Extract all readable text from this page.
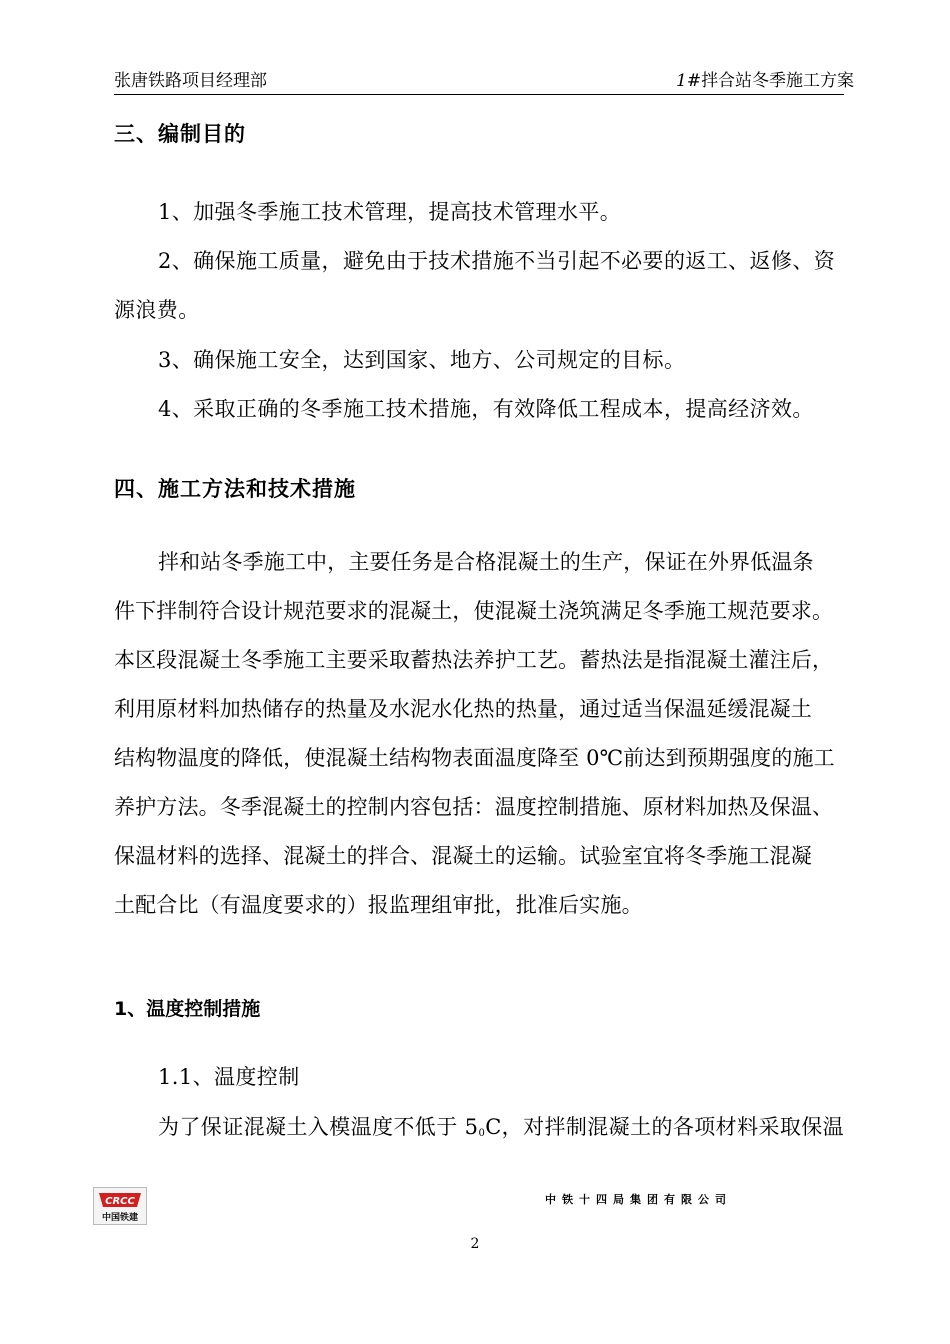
张唐铁路项目经理部	1#拌合站冬季施工方案
三、编制目的
1、加强冬季施工技术管理，提高技术管理水平。
2、确保施工质量，避免由于技术措施不当引起不必要的返工、返修、资
源浪费。
3、确保施工安全，达到国家、地方、公司规定的目标。
4、采取正确的冬季施工技术措施，有效降低工程成本，提高经济效。
四、施工方法和技术措施
拌和站冬季施工中，主要任务是合格混凝土的生产，保证在外界低温条
件下拌制符合设计规范要求的混凝土，使混凝土浇筑满足冬季施工规范要求。
本区段混凝土冬季施工主要采取蓄热法养护工艺。蓄热法是指混凝土灌注后，
利用原材料加热储存的热量及水泥水化热的热量，通过适当保温延缓混凝土
结构物温度的降低，使混凝土结构物表面温度降至 0℃前达到预期强度的施工
养护方法。冬季混凝土的控制内容包括：温度控制措施、原材料加热及保温、
保温材料的选择、混凝土的拌合、混凝土的运输。试验室宜将冬季施工混凝
土配合比（有温度要求的）报监理组审批，批准后实施。
1、温度控制措施
1.1、温度控制
为了保证混凝土入模温度不低于 $5^0C$，对拌制混凝土的各项材料采取保温
CRCC
中国铁建
中铁十四局集团有限公司
2
